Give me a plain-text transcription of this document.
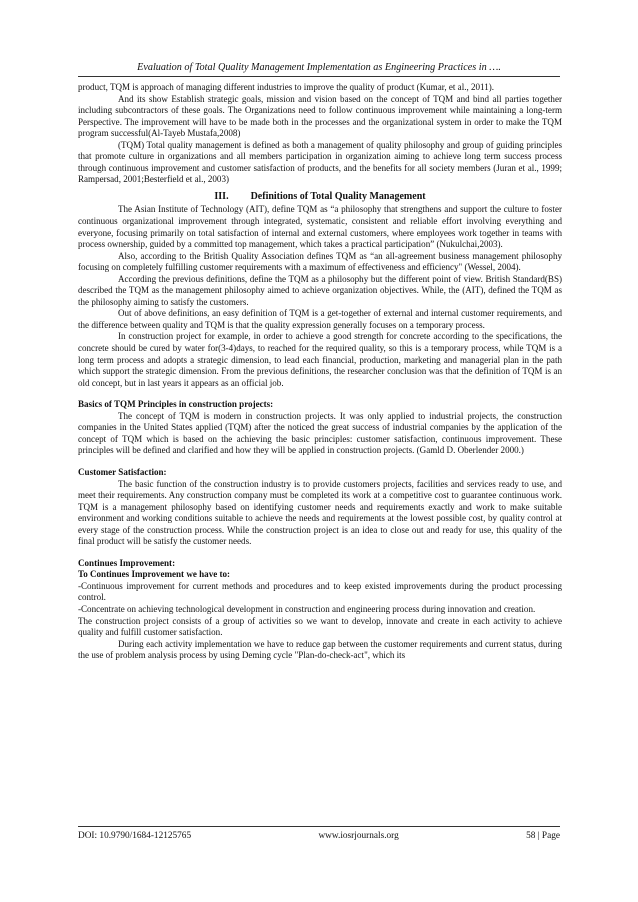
Evaluation of Total Quality Management Implementation as Engineering Practices in ….

product, TQM is approach of managing different industries to improve the quality of product (Kumar, et al., 2011).

And its show Establish strategic goals, mission and vision based on the concept of TQM and bind all parties together including subcontractors of these goals. The Organizations need to follow continuous improvement while maintaining a long-term Perspective. The improvement will have to be made both in the processes and the organizational system in order to make the TQM program successful(Al-Tayeb Mustafa,2008)

(TQM) Total quality management is defined as both a management of quality philosophy and group of guiding principles that promote culture in organizations and all members participation in organization aiming to achieve long term success process through continuous improvement and customer satisfaction of products, and the benefits for all society members (Juran et al., 1999; Rampersad, 2001;Besterfield et al., 2003)

III. Definitions of Total Quality Management

The Asian Institute of Technology (AIT), define TQM as “a philosophy that strengthens and support the culture to foster continuous organizational improvement through integrated, systematic, consistent and reliable effort involving everything and everyone, focusing primarily on total satisfaction of internal and external customers, where employees work together in teams with process ownership, guided by a committed top management, which takes a practical participation” (Nukulchai,2003).

Also, according to the British Quality Association defines TQM as “an all-agreement business management philosophy focusing on completely fulfilling customer requirements with a maximum of effectiveness and efficiency" (Wessel, 2004).

According the previous definitions, define the TQM as a philosophy but the different point of view. British Standard(BS) described the TQM as the management philosophy aimed to achieve organization objectives. While, the (AIT), defined the TQM as the philosophy aiming to satisfy the customers.

Out of above definitions, an easy definition of TQM is a get-together of external and internal customer requirements, and the difference between quality and TQM is that the quality expression generally focuses on a temporary process.

In construction project for example, in order to achieve a good strength for concrete according to the specifications, the concrete should be cured by water for(3-4)days, to reached for the required quality, so this is a temporary process, while TQM is a long term process and adopts a strategic dimension, to lead each financial, production, marketing and managerial plan in the path which support the strategic dimension. From the previous definitions, the researcher conclusion was that the definition of TQM is an old concept, but in last years it appears as an official job.

Basics of TQM Principles in construction projects:

The concept of TQM is modern in construction projects. It was only applied to industrial projects, the construction companies in the United States applied (TQM) after the noticed the great success of industrial companies by the application of the concept of TQM which is based on the achieving the basic principles: customer satisfaction, continuous improvement. These principles will be defined and clarified and how they will be applied in construction projects. (Gamld D. Oberlender 2000.)

Customer Satisfaction:

The basic function of the construction industry is to provide customers projects, facilities and services ready to use, and meet their requirements. Any construction company must be completed its work at a competitive cost to guarantee continuous work. TQM is a management philosophy based on identifying customer needs and requirements exactly and work to make suitable environment and working conditions suitable to achieve the needs and requirements at the lowest possible cost, by quality control at every stage of the construction process. While the construction project is an idea to close out and ready for use, this quality of the final product will be satisfy the customer needs.

Continues Improvement:

To Continues Improvement we have to:

-Continuous improvement for current methods and procedures and to keep existed improvements during the product processing control.

-Concentrate on achieving technological development in construction and engineering process during innovation and creation.

The construction project consists of a group of activities so we want to develop, innovate and create in each activity to achieve quality and fulfill customer satisfaction.

During each activity implementation we have to reduce gap between the customer requirements and current status, during the use of problem analysis process by using Deming cycle "Plan-do-check-act", which its

DOI: 10.9790/1684-12125765	www.iosrjournals.org	58 | Page
